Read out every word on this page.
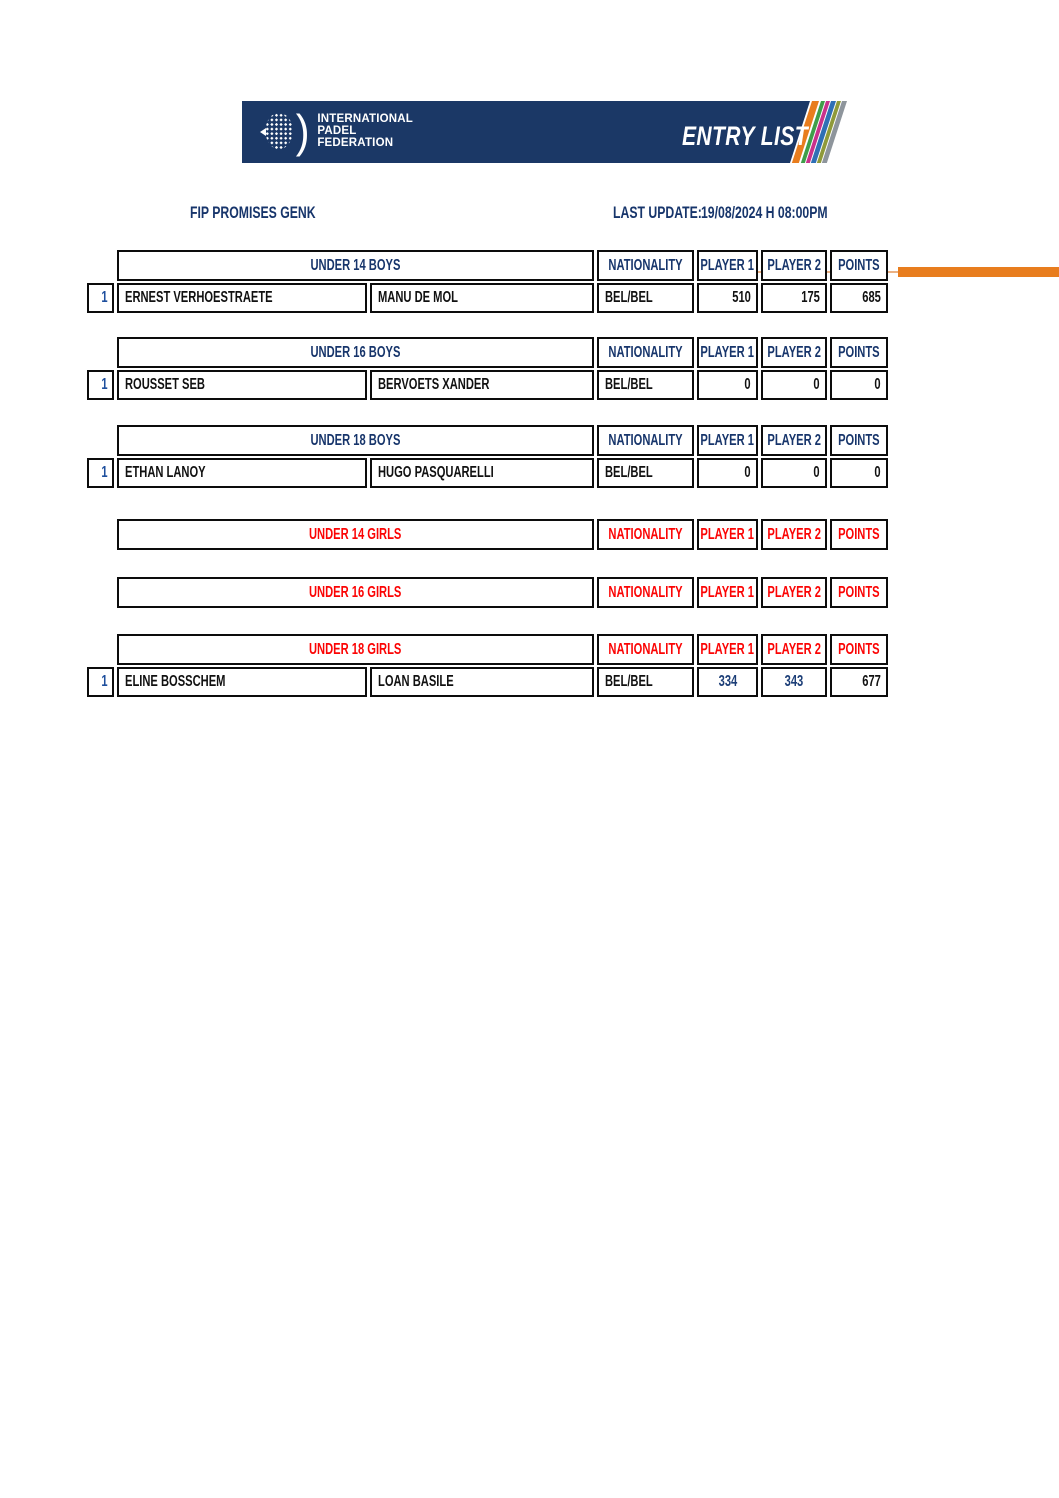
) INTERNATIONAL
PADEL
FEDERATION	ENTRY LIST
FIP PROMISES GENK	LAST UPDATE: 19/08/2024 H 08:00PM
UNDER 14 BOYS	NATIONALITY PLAYER 1 PLAYER 2 POINTS
1 ERNEST VERHOESTRAETE	MANU DE MOL	BEL/BEL	510	175	685
UNDER 16 BOYS	NATIONALITY PLAYER 1 PLAYER 2 POINTS
1 ROUSSET SEB	BERVOETS XANDER	BEL/BEL	0	0	0
UNDER 18 BOYS	NATIONALITY PLAYER 1 PLAYER 2 POINTS
1 ETHAN LANOY	HUGO PASQUARELLI	BEL/BEL	0	0	0
UNDER 14 GIRLS	NATIONALITY PLAYER 1 PLAYER 2 POINTS
UNDER 16 GIRLS	NATIONALITY PLAYER 1 PLAYER 2 POINTS
UNDER 18 GIRLS	NATIONALITY PLAYER 1 PLAYER 2 POINTS
1 ELINE BOSSCHEM	LOAN BASILE	BEL/BEL	334	343	677
